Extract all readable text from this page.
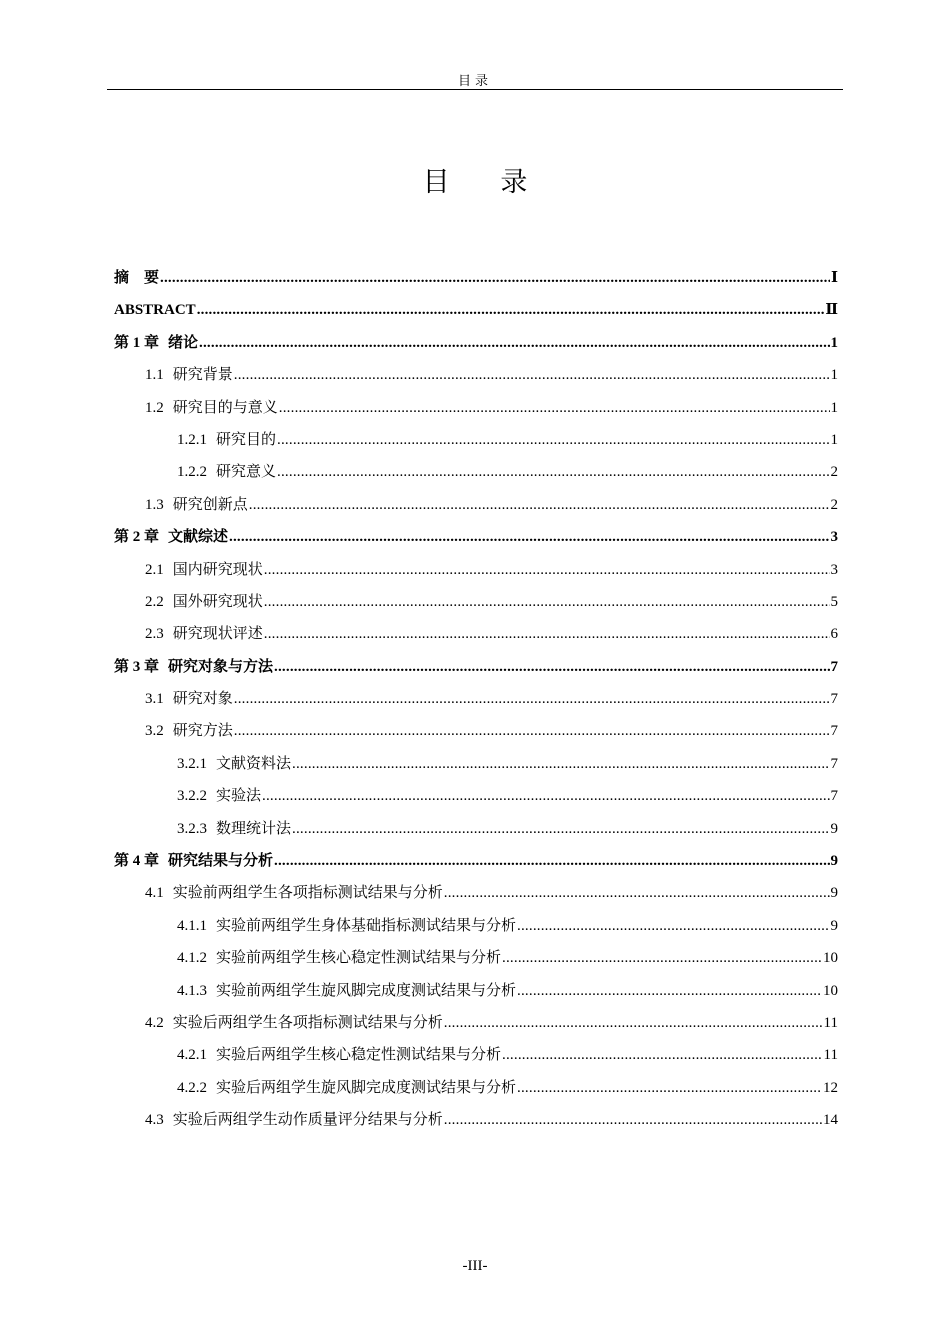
目录
目 录
摘    要 .....	Ⅰ
ABSTRACT .....	Ⅱ
第 1 章 绪论 .....	1
1.1 研究背景 .....	1
1.2 研究目的与意义 .....	1
1.2.1 研究目的 .....	1
1.2.2 研究意义 .....	2
1.3 研究创新点 .....	2
第 2 章 文献综述 .....	3
2.1 国内研究现状 .....	3
2.2 国外研究现状 .....	5
2.3 研究现状评述 .....	6
第 3 章 研究对象与方法 .....	7
3.1 研究对象 .....	7
3.2 研究方法 .....	7
3.2.1 文献资料法 .....	7
3.2.2 实验法 .....	7
3.2.3 数理统计法 .....	9
第 4 章 研究结果与分析 .....	9
4.1 实验前两组学生各项指标测试结果与分析 .....	9
4.1.1 实验前两组学生身体基础指标测试结果与分析 .....	9
4.1.2 实验前两组学生核心稳定性测试结果与分析 .....	10
4.1.3 实验前两组学生旋风脚完成度测试结果与分析 .....	10
4.2 实验后两组学生各项指标测试结果与分析 .....	11
4.2.1 实验后两组学生核心稳定性测试结果与分析 .....	11
4.2.2 实验后两组学生旋风脚完成度测试结果与分析 .....	12
4.3 实验后两组学生动作质量评分结果与分析 .....	14
-III-
